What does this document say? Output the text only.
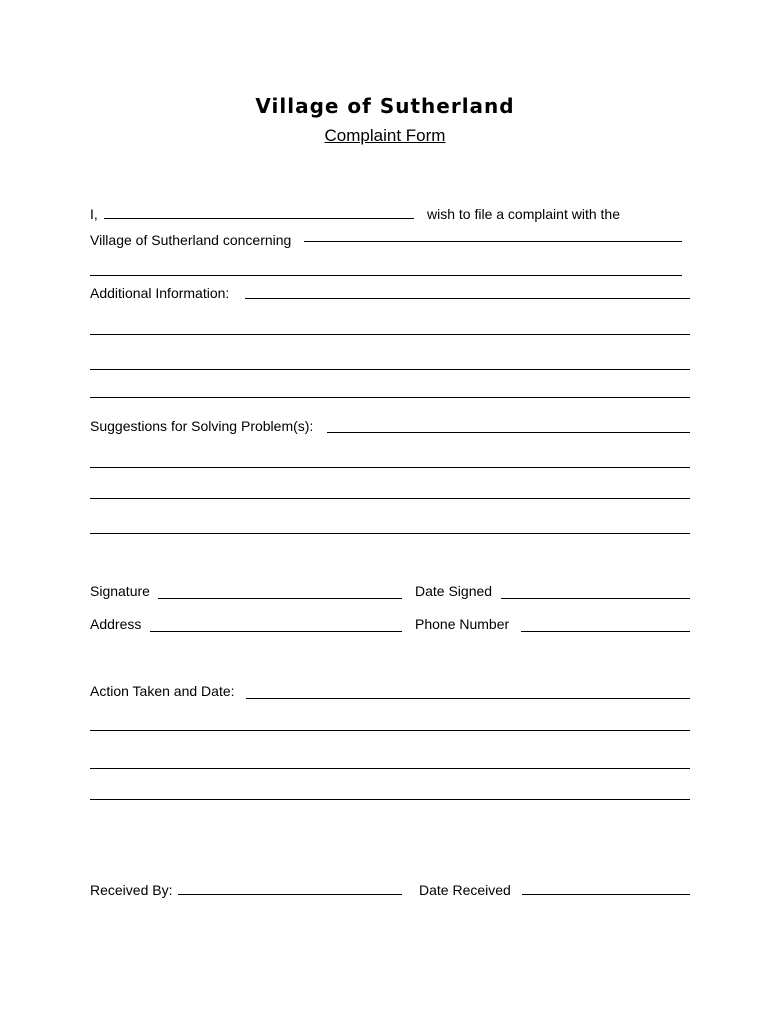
Village of Sutherland
Complaint Form
I,	wish to file a complaint with the
Village of Sutherland concerning
Additional Information:
Suggestions for Solving Problem(s):
Signature	Date Signed
Address	Phone Number
Action Taken and Date:
Received By:	Date Received
